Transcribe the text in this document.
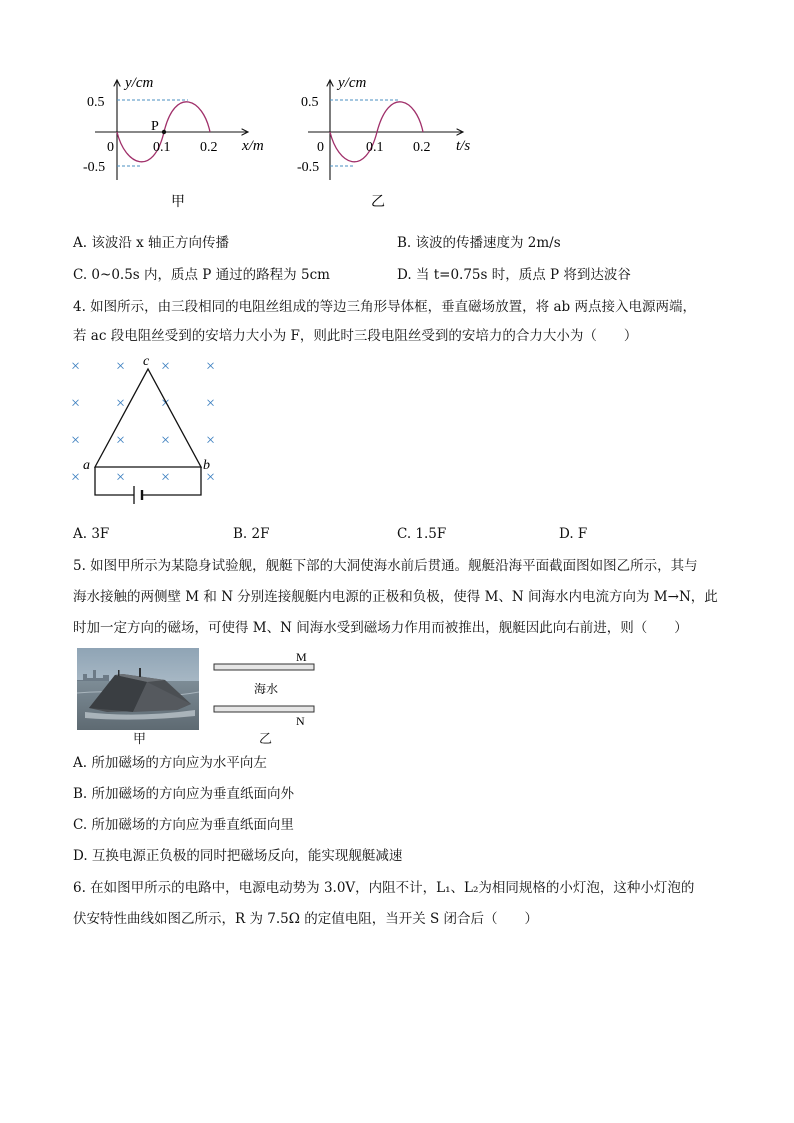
y/cm
x/m
0.5
-0.5
0	0.1 0.2
P
甲
y/cm
t/s
0.5
-0.5
0	0.1 0.2
乙
A. 该波沿 x 轴正方向传播	B. 该波的传播速度为 2m/s
C. 0~0.5s 内，质点 P 通过的路程为 5cm	D. 当 t=0.75s 时，质点 P 将到达波谷
4. 如图所示，由三段相同的电阻丝组成的等边三角形导体框，垂直磁场放置，将 ab 两点接入电源两端，
若 ac 段电阻丝受到的安培力大小为 F，则此时三段电阻丝受到的安培力的合力大小为（　　）
× × × ×
× × × ×
× × × ×
× × × ×
a	b
c
A. 3F	B. 2F	C. 1.5F	D. F
5. 如图甲所示为某隐身试验舰，舰艇下部的大洞使海水前后贯通。舰艇沿海平面截面图如图乙所示，其与
海水接触的两侧壁 M 和 N 分别连接舰艇内电源的正极和负极，使得 M、N 间海水内电流方向为 M→N，此
时加一定方向的磁场，可使得 M、N 间海水受到磁场力作用而被推出，舰艇因此向右前进，则（　　）
甲
M
N
海水
乙
A. 所加磁场的方向应为水平向左
B. 所加磁场的方向应为垂直纸面向外
C. 所加磁场的方向应为垂直纸面向里
D. 互换电源正负极的同时把磁场反向，能实现舰艇减速
6. 在如图甲所示的电路中，电源电动势为 3.0V，内阻不计，L₁、L₂为相同规格的小灯泡，这种小灯泡的
伏安特性曲线如图乙所示，R 为 7.5Ω 的定值电阻，当开关 S 闭合后（　　）
